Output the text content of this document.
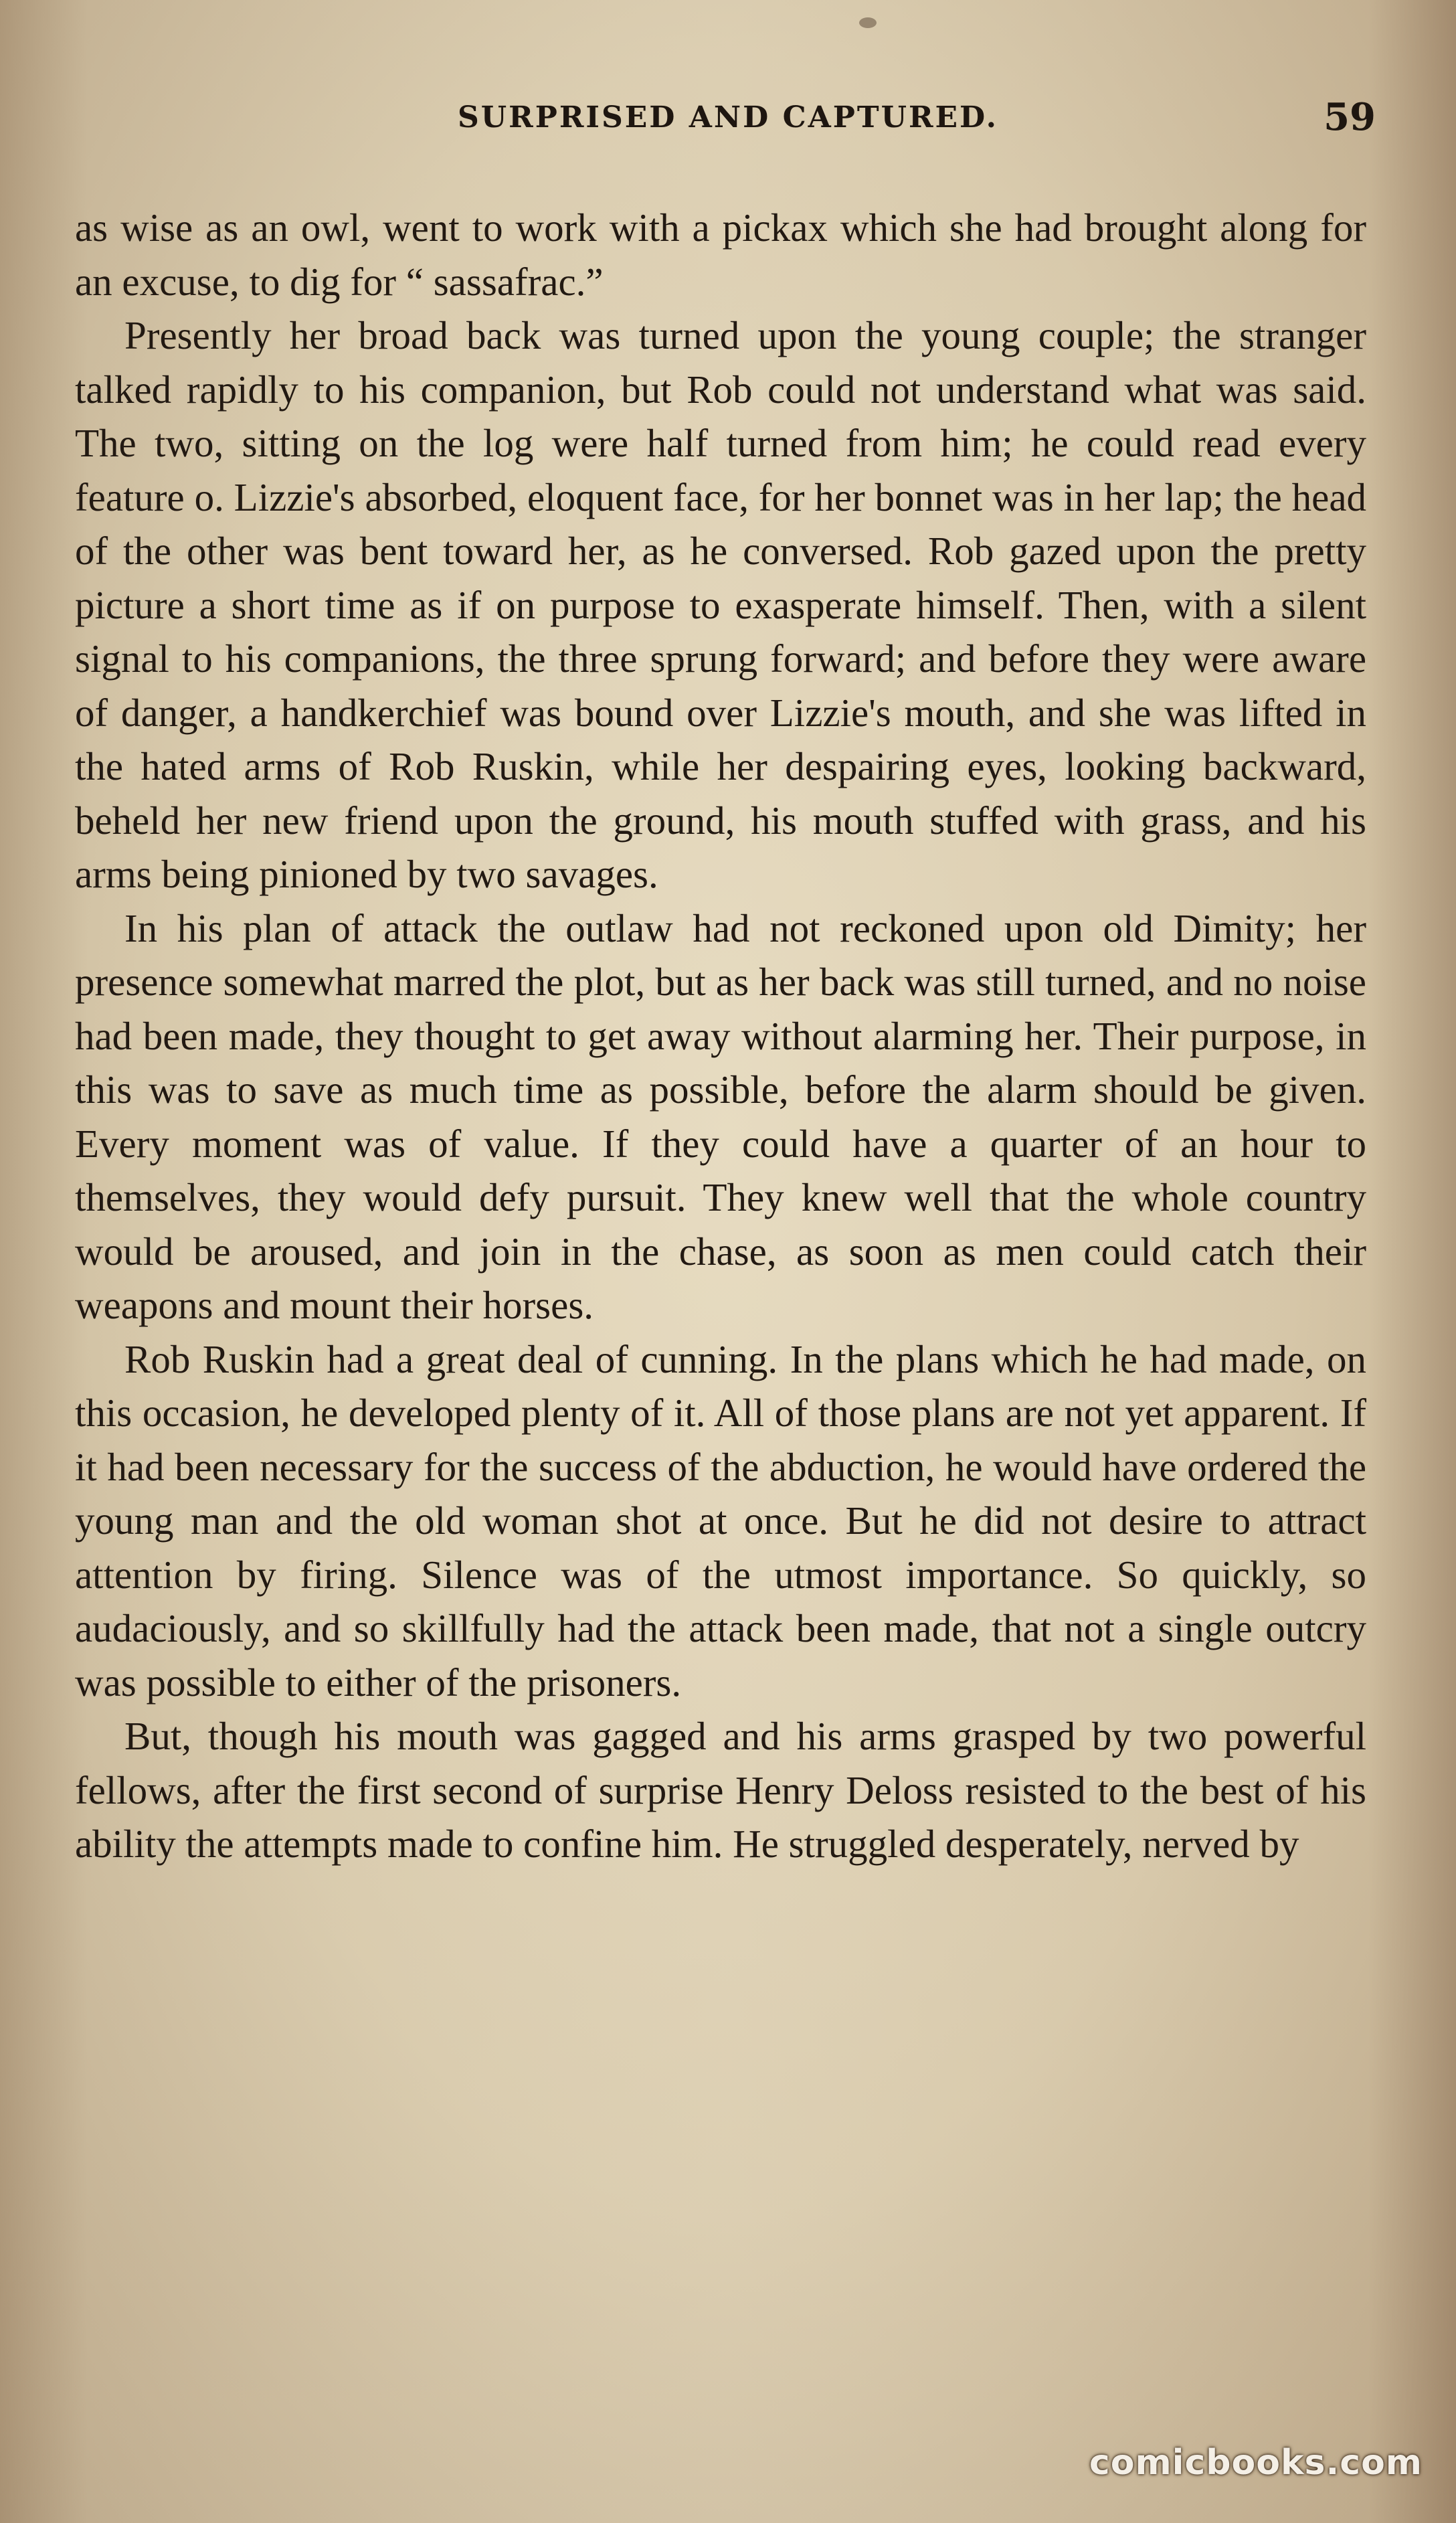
SURPRISED AND CAPTURED.	59

as wise as an owl, went to work with a pickax which she had brought along for an excuse, to dig for “ sassafrac.”

Presently her broad back was turned upon the young couple; the stranger talked rapidly to his companion, but Rob could not understand what was said. The two, sitting on the log were half turned from him; he could read every feature o. Lizzie's absorbed, eloquent face, for her bonnet was in her lap; the head of the other was bent toward her, as he conversed. Rob gazed upon the pretty picture a short time as if on purpose to exasperate himself. Then, with a silent signal to his companions, the three sprung forward; and before they were aware of danger, a handkerchief was bound over Lizzie's mouth, and she was lifted in the hated arms of Rob Ruskin, while her despairing eyes, looking backward, beheld her new friend upon the ground, his mouth stuffed with grass, and his arms being pinioned by two savages.

In his plan of attack the outlaw had not reckoned upon old Dimity; her presence somewhat marred the plot, but as her back was still turned, and no noise had been made, they thought to get away without alarming her. Their purpose, in this was to save as much time as possible, before the alarm should be given. Every moment was of value. If they could have a quarter of an hour to themselves, they would defy pursuit. They knew well that the whole country would be aroused, and join in the chase, as soon as men could catch their weapons and mount their horses.

Rob Ruskin had a great deal of cunning. In the plans which he had made, on this occasion, he developed plenty of it. All of those plans are not yet apparent. If it had been necessary for the success of the abduction, he would have ordered the young man and the old woman shot at once. But he did not desire to attract attention by firing. Silence was of the utmost importance. So quickly, so audaciously, and so skillfully had the attack been made, that not a single outcry was possible to either of the prisoners.

But, though his mouth was gagged and his arms grasped by two powerful fellows, after the first second of surprise Henry Deloss resisted to the best of his ability the attempts made to confine him. He struggled desperately, nerved by

comicbooks.com
